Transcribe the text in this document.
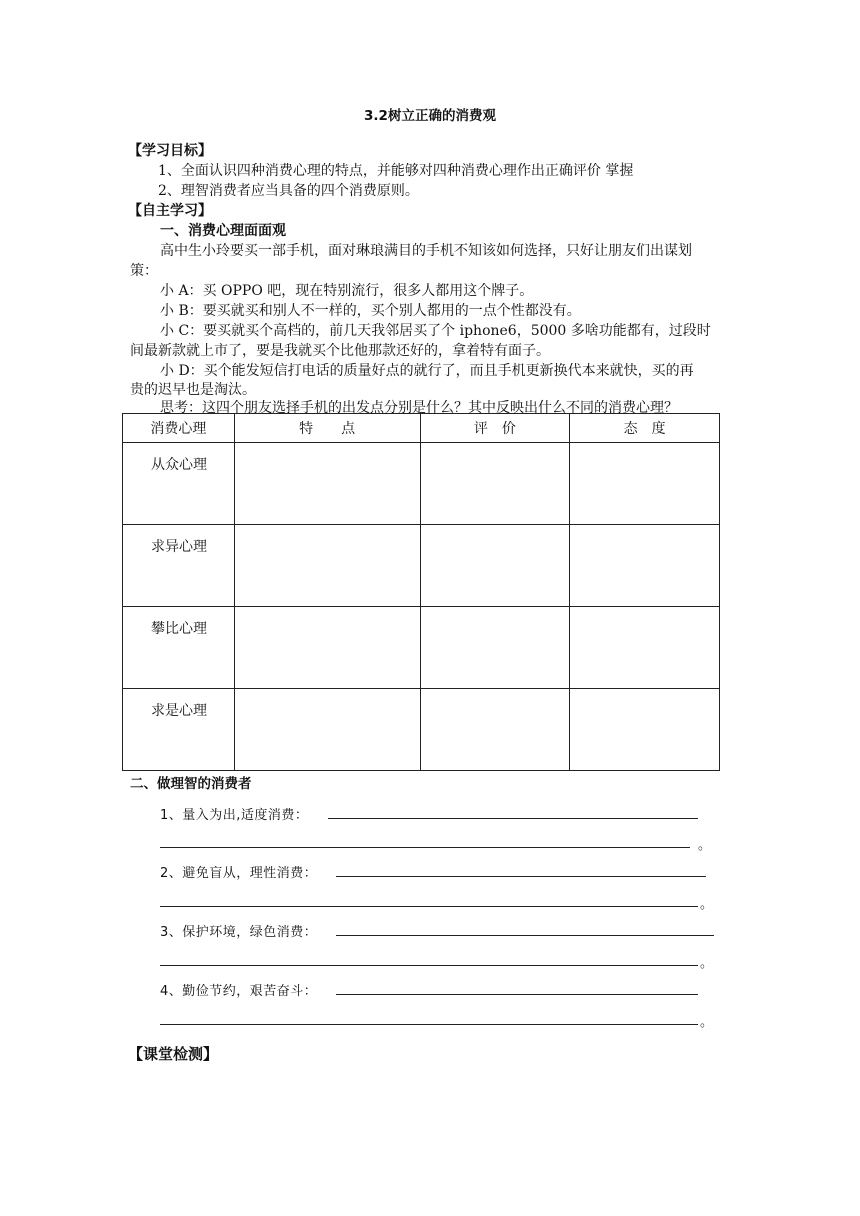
3.2树立正确的消费观
【学习目标】
1、全面认识四种消费心理的特点，并能够对四种消费心理作出正确评价 掌握
2、理智消费者应当具备的四个消费原则。
【自主学习】
一、消费心理面面观
高中生小玲要买一部手机，面对琳琅满目的手机不知该如何选择，只好让朋友们出谋划
策：
小 A：买 OPPO 吧，现在特别流行，很多人都用这个牌子。
小 B：要买就买和别人不一样的，买个别人都用的一点个性都没有。
小 C：要买就买个高档的，前几天我邻居买了个 iphone6，5000 多啥功能都有，过段时
间最新款就上市了，要是我就买个比他那款还好的，拿着特有面子。
小 D：买个能发短信打电话的质量好点的就行了，而且手机更新换代本来就快，买的再
贵的迟早也是淘汰。
思考：这四个朋友选择手机的出发点分别是什么？其中反映出什么不同的消费心理？
消费心理	特　　点	评　价	态　度

从众心理			

求异心理			

攀比心理			

求是心理			

二、做理智的消费者
1、量入为出,适度消费：
。
2、避免盲从，理性消费：
。
3、保护环境，绿色消费：
。
4、勤俭节约，艰苦奋斗：
。
【课堂检测】
